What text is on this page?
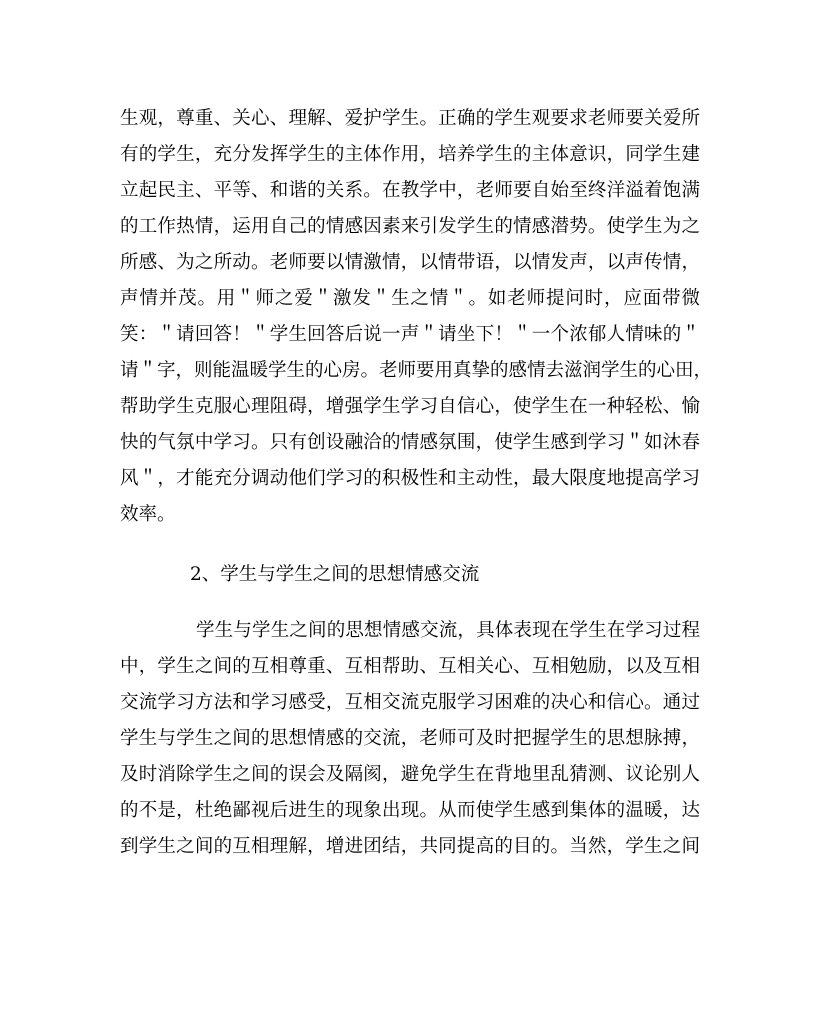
生观，尊重、关心、理解、爱护学生。正确的学生观要求老师要关爱所
有的学生，充分发挥学生的主体作用，培养学生的主体意识，同学生建
立起民主、平等、和谐的关系。在教学中，老师要自始至终洋溢着饱满
的工作热情，运用自己的情感因素来引发学生的情感潜势。使学生为之
所感、为之所动。老师要以情激情，以情带语，以情发声，以声传情，
声情并茂。用＂师之爱＂激发＂生之情＂。如老师提问时，应面带微
笑：＂请回答！＂学生回答后说一声＂请坐下！＂一个浓郁人情味的＂
请＂字，则能温暖学生的心房。老师要用真挚的感情去滋润学生的心田，
帮助学生克服心理阻碍，增强学生学习自信心，使学生在一种轻松、愉
快的气氛中学习。只有创设融洽的情感氛围，使学生感到学习＂如沐春
风＂，才能充分调动他们学习的积极性和主动性，最大限度地提高学习
效率。
2、学生与学生之间的思想情感交流
学生与学生之间的思想情感交流，具体表现在学生在学习过程
中，学生之间的互相尊重、互相帮助、互相关心、互相勉励，以及互相
交流学习方法和学习感受，互相交流克服学习困难的决心和信心。通过
学生与学生之间的思想情感的交流，老师可及时把握学生的思想脉搏，
及时消除学生之间的误会及隔阂，避免学生在背地里乱猜测、议论别人
的不是，杜绝鄙视后进生的现象出现。从而使学生感到集体的温暖，达
到学生之间的互相理解，增进团结，共同提高的目的。当然，学生之间
